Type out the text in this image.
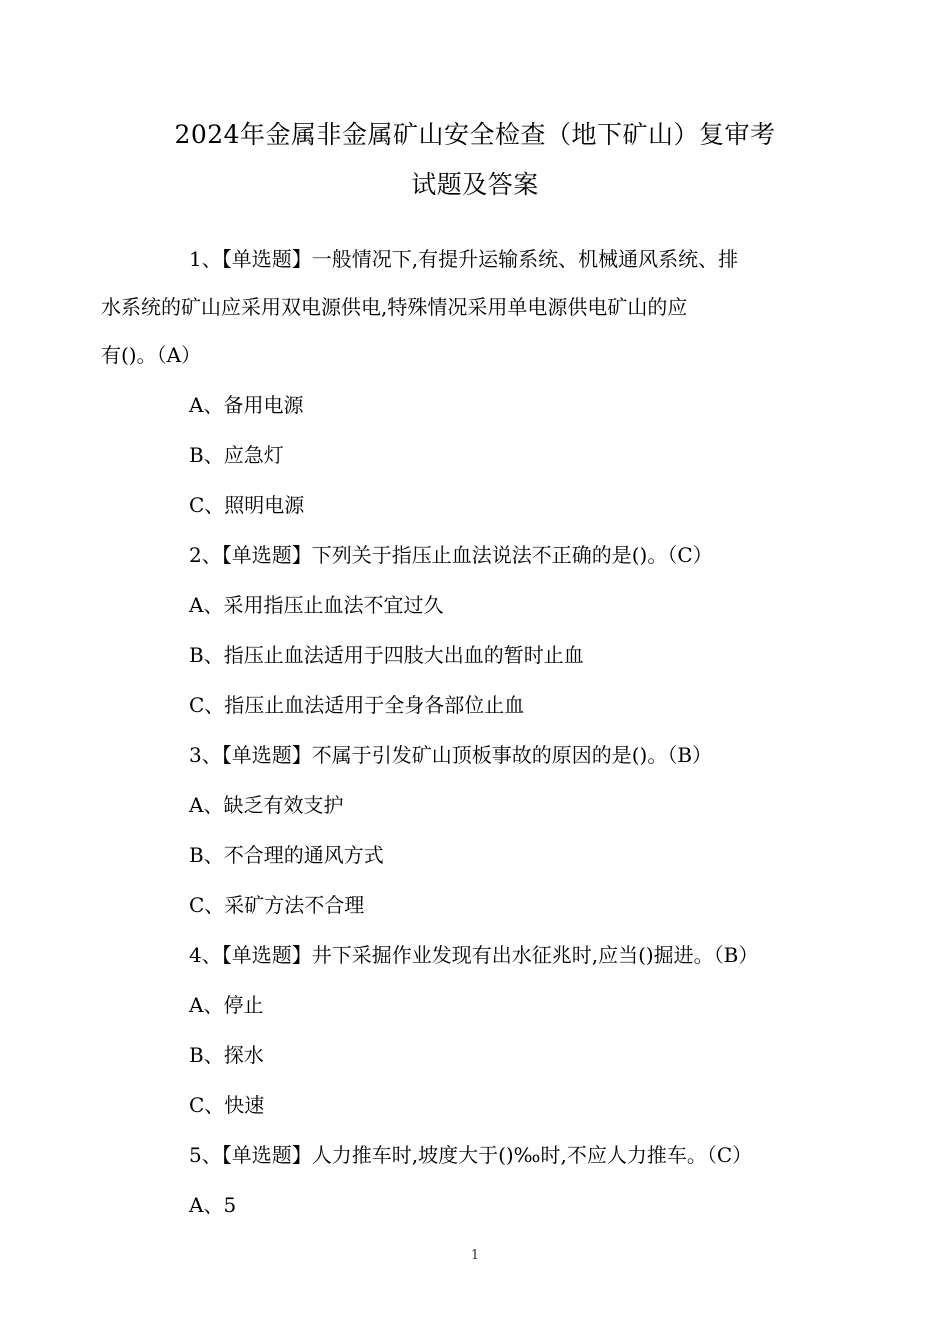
2024年金属非金属矿山安全检查（地下矿山）复审考
试题及答案
1、【单选题】一般情况下,有提升运输系统、机械通风系统、排
水系统的矿山应采用双电源供电,特殊情况采用单电源供电矿山的应
有()。（A）
A、备用电源
B、应急灯
C、照明电源
2、【单选题】下列关于指压止血法说法不正确的是()。（C）
A、采用指压止血法不宜过久
B、指压止血法适用于四肢大出血的暂时止血
C、指压止血法适用于全身各部位止血
3、【单选题】不属于引发矿山顶板事故的原因的是()。（B）
A、缺乏有效支护
B、不合理的通风方式
C、采矿方法不合理
4、【单选题】井下采掘作业发现有出水征兆时,应当()掘进。（B）
A、停止
B、探水
C、快速
5、【单选题】人力推车时,坡度大于()‰时,不应人力推车。（C）
A、5
1
